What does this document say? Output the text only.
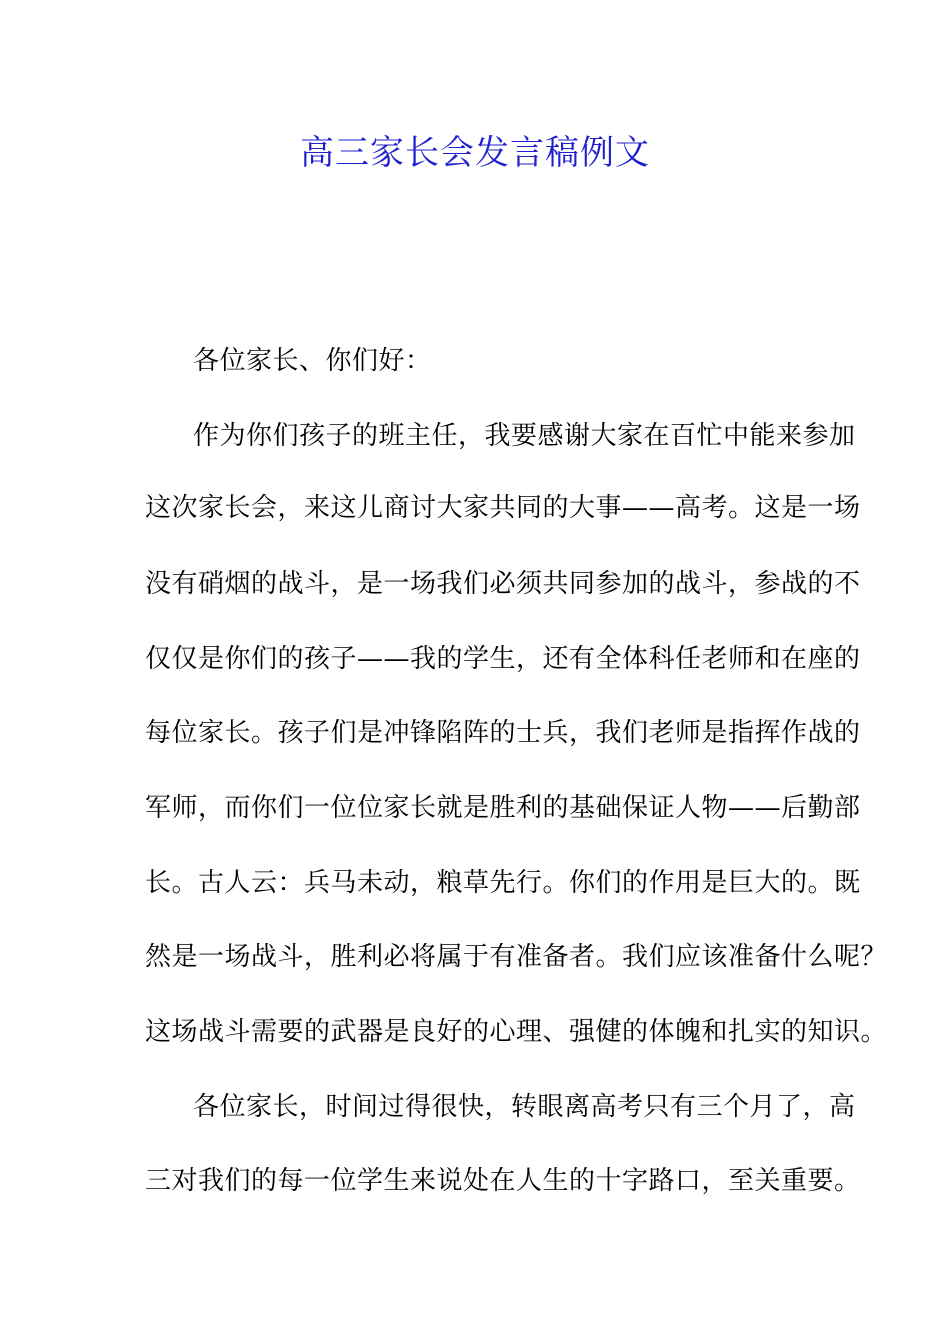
高三家长会发言稿例文
各位家长、你们好：
作为你们孩子的班主任，我要感谢大家在百忙中能来参加
这次家长会，来这儿商讨大家共同的大事——高考。这是一场
没有硝烟的战斗，是一场我们必须共同参加的战斗，参战的不
仅仅是你们的孩子——我的学生，还有全体科任老师和在座的
每位家长。孩子们是冲锋陷阵的士兵，我们老师是指挥作战的
军师，而你们一位位家长就是胜利的基础保证人物——后勤部
长。古人云：兵马未动，粮草先行。你们的作用是巨大的。既
然是一场战斗，胜利必将属于有准备者。我们应该准备什么呢？
这场战斗需要的武器是良好的心理、强健的体魄和扎实的知识。
各位家长，时间过得很快，转眼离高考只有三个月了，高
三对我们的每一位学生来说处在人生的十字路口，至关重要。
